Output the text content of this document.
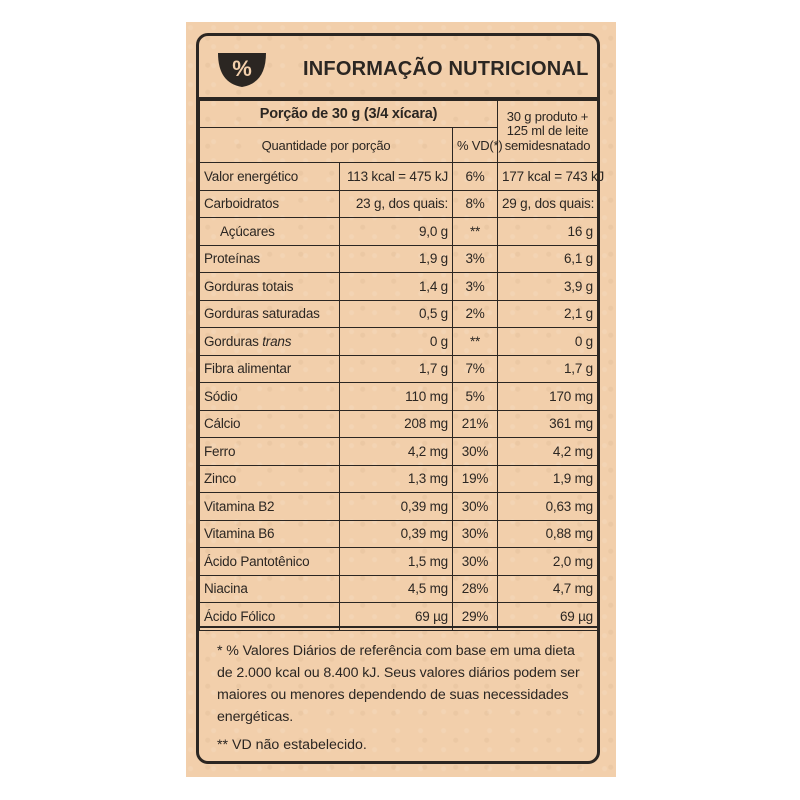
%	INFORMAÇÃO NUTRICIONAL
Porção de 30 g (3/4 xícara)			30 g produto + 125 ml de leite semidesnatado
Quantidade por porção		% VD(*)	
Valor energético	113 kcal = 475 kJ	6%	177 kcal = 743 kJ
Carboidratos	23 g, dos quais:	8%	29 g, dos quais:
Açúcares	9,0 g	**	16 g
Proteínas	1,9 g	3%	6,1 g
Gorduras totais	1,4 g	3%	3,9 g
Gorduras saturadas	0,5 g	2%	2,1 g
Gorduras trans	0 g	**	0 g
Fibra alimentar	1,7 g	7%	1,7 g
Sódio	110 mg	5%	170 mg
Cálcio	208 mg	21%	361 mg
Ferro	4,2 mg	30%	4,2 mg
Zinco	1,3 mg	19%	1,9 mg
Vitamina B2	0,39 mg	30%	0,63 mg
Vitamina B6	0,39 mg	30%	0,88 mg
Ácido Pantotênico	1,5 mg	30%	2,0 mg
Niacina	4,5 mg	28%	4,7 mg
Ácido Fólico	69 µg	29%	69 µg
* % Valores Diários de referência com base em uma dieta de 2.000 kcal ou 8.400 kJ. Seus valores diários podem ser maiores ou menores dependendo de suas necessidades energéticas.
** VD não estabelecido.
